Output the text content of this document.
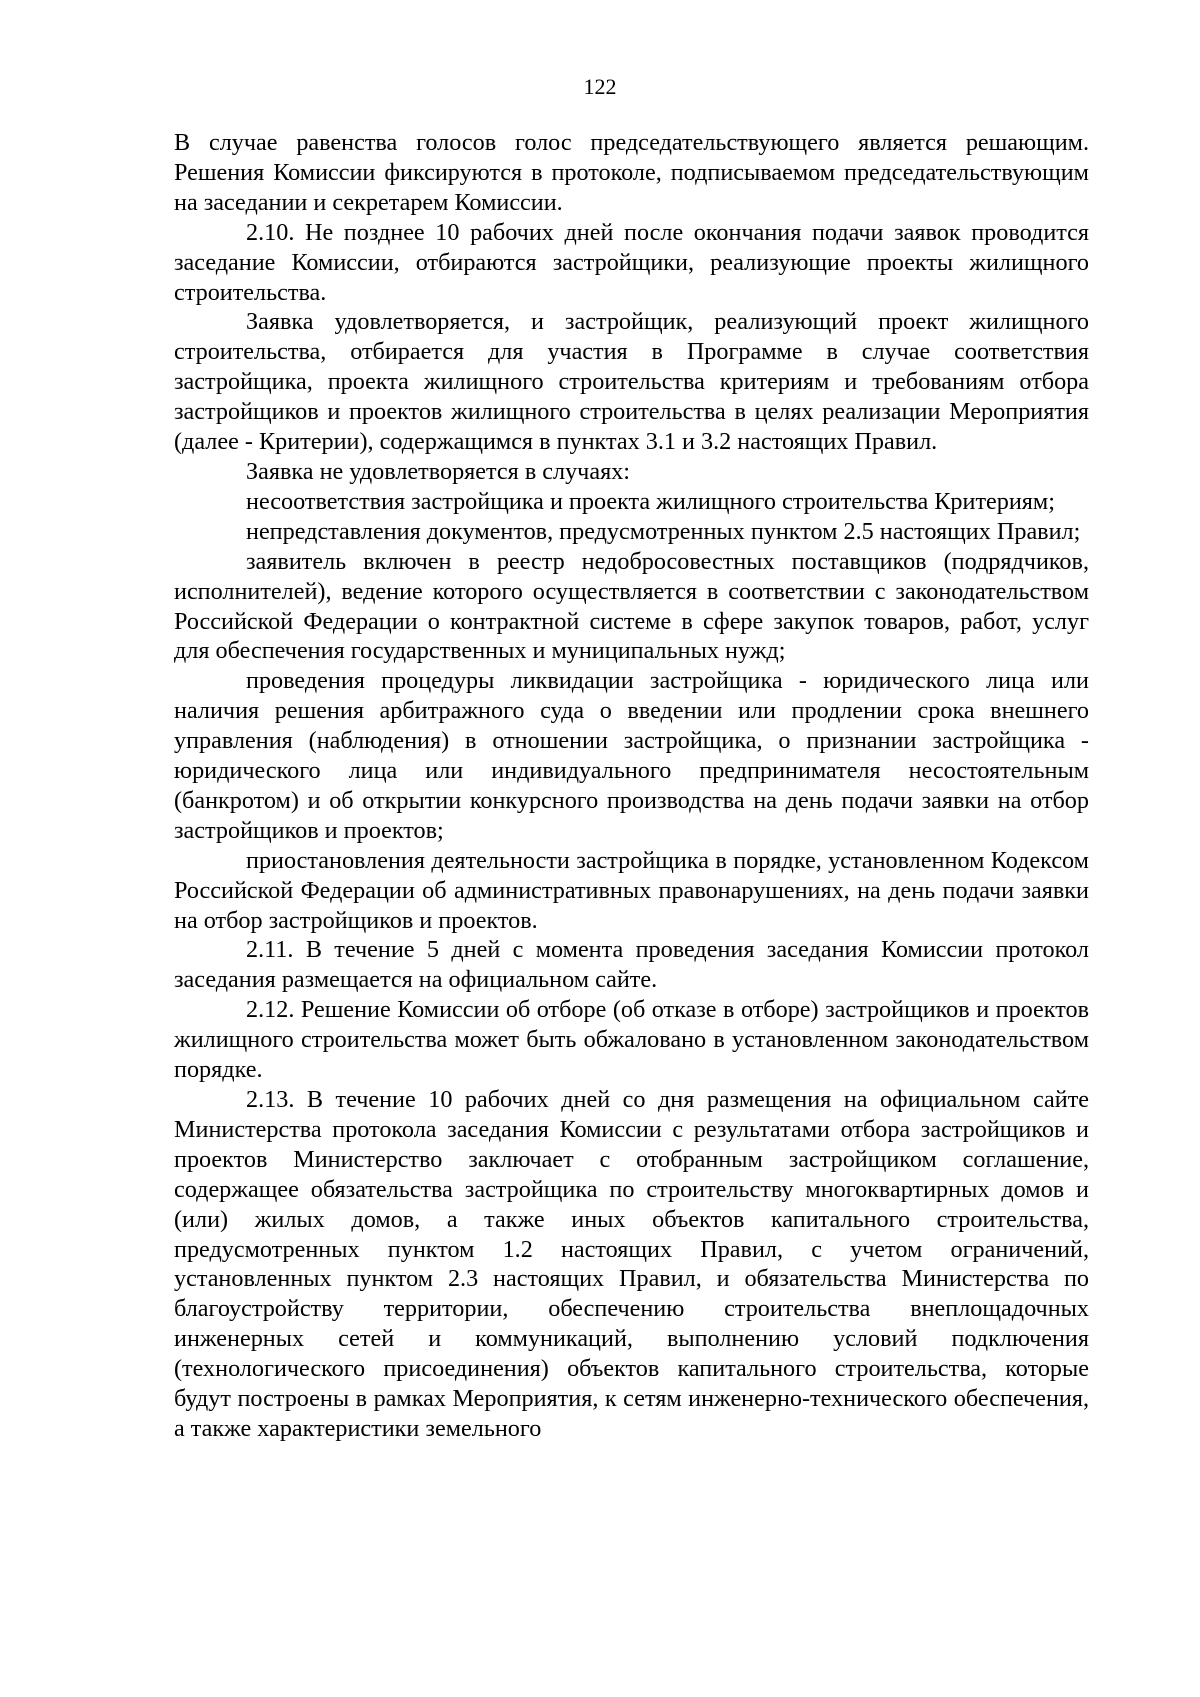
122

В случае равенства голосов голос председательствующего является решающим. Решения Комиссии фиксируются в протоколе, подписываемом председательствующим на заседании и секретарем Комиссии.

2.10. Не позднее 10 рабочих дней после окончания подачи заявок проводится заседание Комиссии, отбираются застройщики, реализующие проекты жилищного строительства.

Заявка удовлетворяется, и застройщик, реализующий проект жилищного строительства, отбирается для участия в Программе в случае соответствия застройщика, проекта жилищного строительства критериям и требованиям отбора застройщиков и проектов жилищного строительства в целях реализации Мероприятия (далее - Критерии), содержащимся в пунктах 3.1 и 3.2 настоящих Правил.

Заявка не удовлетворяется в случаях:

несоответствия застройщика и проекта жилищного строительства Критериям;

непредставления документов, предусмотренных пунктом 2.5 настоящих Правил;

заявитель включен в реестр недобросовестных поставщиков (подрядчиков, исполнителей), ведение которого осуществляется в соответствии с законодательством Российской Федерации о контрактной системе в сфере закупок товаров, работ, услуг для обеспечения государственных и муниципальных нужд;

проведения процедуры ликвидации застройщика - юридического лица или наличия решения арбитражного суда о введении или продлении срока внешнего управления (наблюдения) в отношении застройщика, о признании застройщика - юридического лица или индивидуального предпринимателя несостоятельным (банкротом) и об открытии конкурсного производства на день подачи заявки на отбор застройщиков и проектов;

приостановления деятельности застройщика в порядке, установленном Кодексом Российской Федерации об административных правонарушениях, на день подачи заявки на отбор застройщиков и проектов.

2.11. В течение 5 дней с момента проведения заседания Комиссии протокол заседания размещается на официальном сайте.

2.12. Решение Комиссии об отборе (об отказе в отборе) застройщиков и проектов жилищного строительства может быть обжаловано в установленном законодательством порядке.

2.13. В течение 10 рабочих дней со дня размещения на официальном сайте Министерства протокола заседания Комиссии с результатами отбора застройщиков и проектов Министерство заключает с отобранным застройщиком соглашение, содержащее обязательства застройщика по строительству многоквартирных домов и (или) жилых домов, а также иных объектов капитального строительства, предусмотренных пунктом 1.2 настоящих Правил, с учетом ограничений, установленных пунктом 2.3 настоящих Правил, и обязательства Министерства по благоустройству территории, обеспечению строительства внеплощадочных инженерных сетей и коммуникаций, выполнению условий подключения (технологического присоединения) объектов капитального строительства, которые будут построены в рамках Мероприятия, к сетям инженерно-технического обеспечения, а также характеристики земельного
